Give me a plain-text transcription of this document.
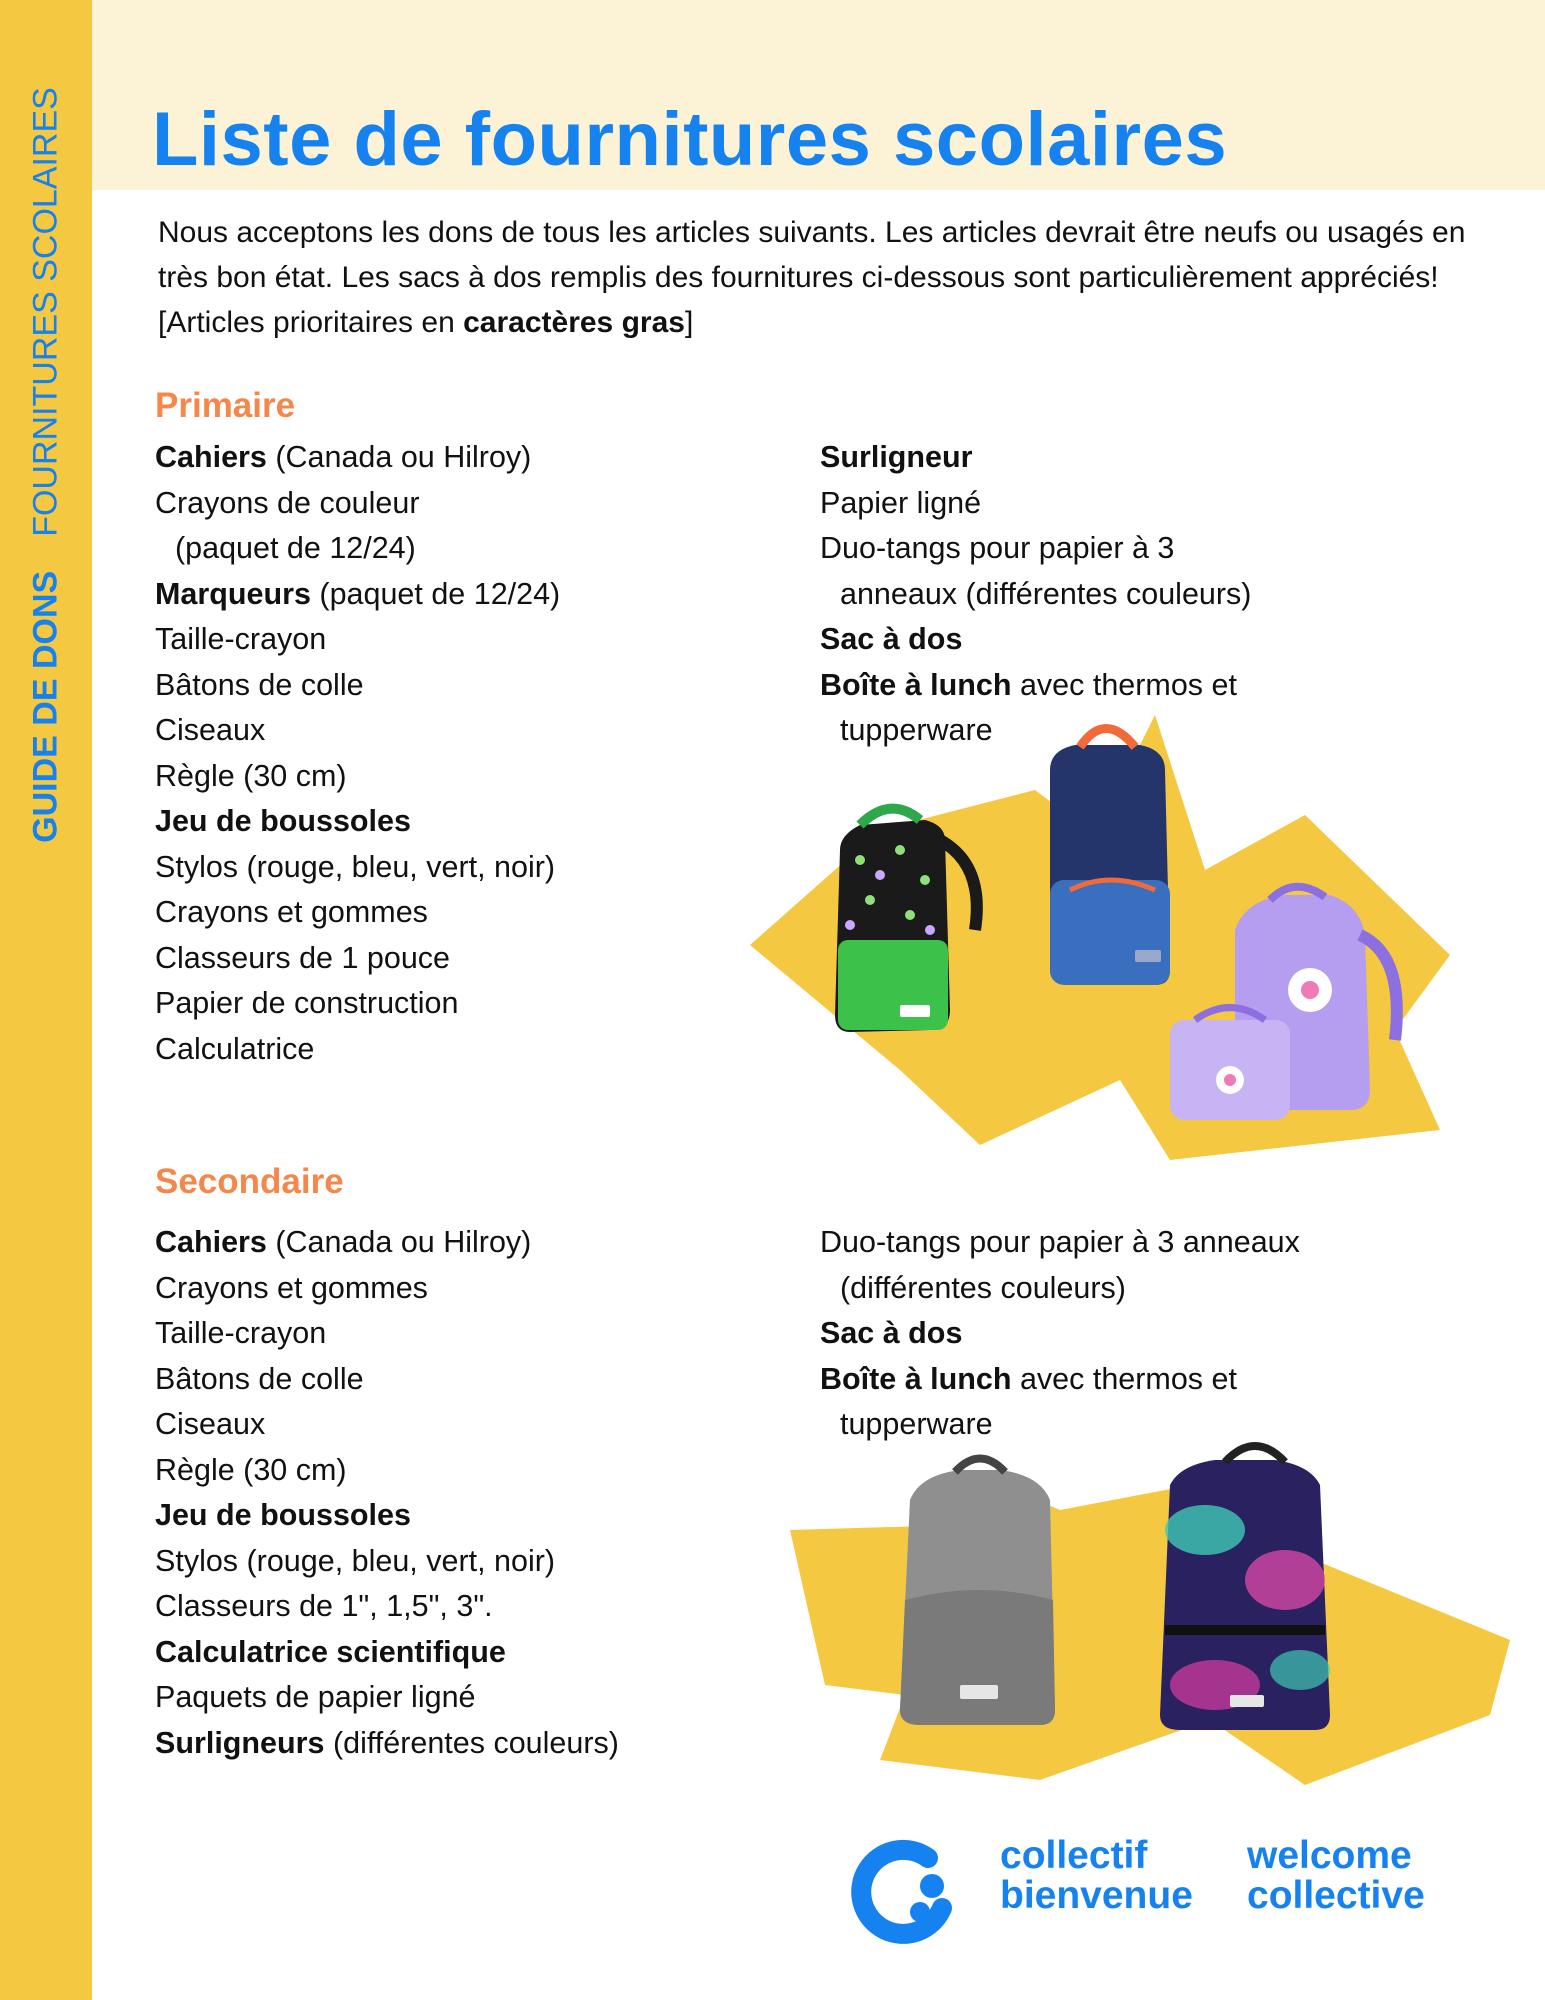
GUIDE DE DONSFOURNITURES SCOLAIRES Liste de fournitures scolaires
Nous acceptons les dons de tous les articles suivants. Les articles devrait être neufs ou usagés en très bon état. Les sacs à dos remplis des fournitures ci-dessous sont particulièrement appréciés! [Articles prioritaires en caractères gras]
Primaire
Cahiers (Canada ou Hilroy)
Crayons de couleur
(paquet de 12/24)
Marqueurs (paquet de 12/24)
Taille-crayon
Bâtons de colle
Ciseaux
Règle (30 cm)
Jeu de boussoles
Stylos (rouge, bleu, vert, noir)
Crayons et gommes
Classeurs de 1 pouce
Papier de construction
Calculatrice
Surligneur
Papier ligné
Duo-tangs pour papier à 3
anneaux (différentes couleurs)
Sac à dos
Boîte à lunch avec thermos et
tupperware
Secondaire
Cahiers (Canada ou Hilroy)
Crayons et gommes
Taille-crayon
Bâtons de colle
Ciseaux
Règle (30 cm)
Jeu de boussoles
Stylos (rouge, bleu, vert, noir)
Classeurs de 1", 1,5", 3".
Calculatrice scientifique
Paquets de papier ligné
Surligneurs (différentes couleurs)
Duo-tangs pour papier à 3 anneaux
(différentes couleurs)
Sac à dos
Boîte à lunch avec thermos et
tupperware
collectif
bienvenue
welcome
collective
